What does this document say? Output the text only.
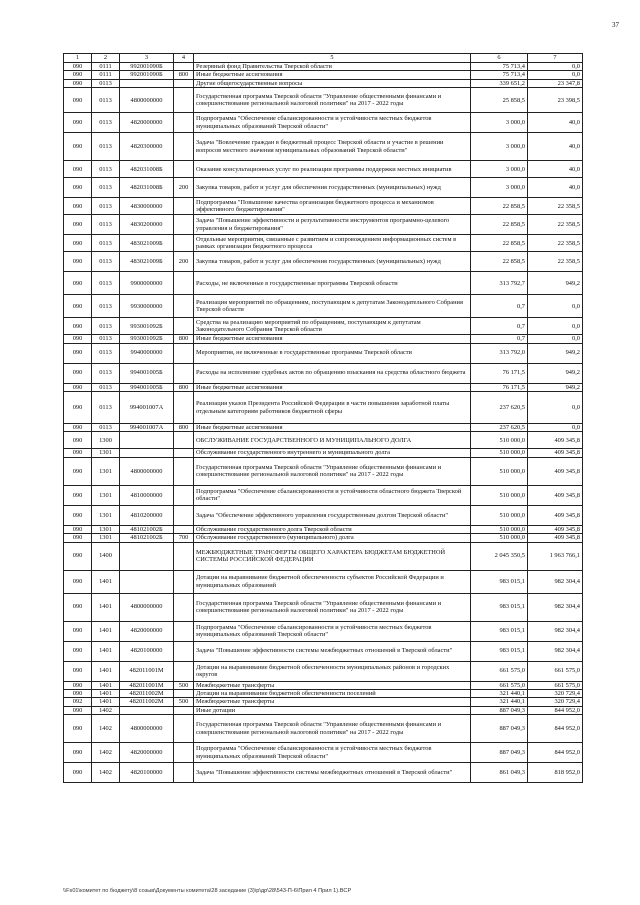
37
1	2	3	4	5	6	7
090	0111	992001090Б		Резервный фонд Правительства Тверской области	75 713,4	0,0
090	0111	992001090Б	800	Иные бюджетные ассигнования	75 713,4	0,0
090	0113			Другие общегосударственные вопросы	339 651,2	23 347,8
090	0113	4800000000		Государственная программа Тверской области "Управление общественными финансами и совершенствование региональной налоговой политики" на 2017 - 2022 годы	25 858,5	23 398,5
090	0113	4820000000		Подпрограмма "Обеспечение сбалансированности и устойчивости местных бюджетов муниципальных образований Тверской области"	3 000,0	40,0
090	0113	4820300000		Задача "Вовлечение граждан в бюджетный процесс Тверской области и участие в решении вопросов местного значения муниципальных образований Тверской области"	3 000,0	40,0
090	0113	482031008Б		Оказание консультационных услуг по реализации программы поддержки местных инициатив	3 000,0	40,0
090	0113	482031008Б	200	Закупка товаров, работ и услуг для обеспечения государственных (муниципальных) нужд	3 000,0	40,0
090	0113	4830000000		Подпрограмма "Повышение качества организации бюджетного процесса и механизмов эффективного бюджетирования"	22 858,5	22 358,5
090	0113	4830200000		Задача "Повышение эффективности и результативности инструментов программно-целевого управления и бюджетирования"	22 858,5	22 358,5
090	0113	483021009Б		Отдельные мероприятия, связанные с развитием и сопровождением информационных систем в рамках организации бюджетного процесса	22 858,5	22 358,5
090	0113	483021009Б	200	Закупка товаров, работ и услуг для обеспечения государственных (муниципальных) нужд	22 858,5	22 358,5
090	0113	9900000000		Расходы, не включенные в государственные программы Тверской области	313 792,7	949,2
090	0113	9930000000		Реализация мероприятий по обращениям, поступающим к депутатам Законодательного Собрания Тверской области	0,7	0,0
090	0113	993001092Б		Средства на реализацию мероприятий по обращениям, поступающим к депутатам Законодательного Собрания Тверской области	0,7	0,0
090	0113	993001092Б	800	Иные бюджетные ассигнования	0,7	0,0
090	0113	9940000000		Мероприятия, не включенные в государственные программы Тверской области	313 792,0	949,2
090	0113	994001005Б		Расходы на исполнение судебных актов по обращению взыскания на средства областного бюджета	76 171,5	949,2
090	0113	994001005Б	800	Иные бюджетные ассигнования	76 171,5	949,2
090	0113	994001007А		Реализация указов Президента Российской Федерации в части повышения заработной платы отдельным категориям работников бюджетной сферы	237 620,5	0,0
090	0113	994001007А	800	Иные бюджетные ассигнования	237 620,5	0,0
090	1300			ОБСЛУЖИВАНИЕ ГОСУДАРСТВЕННОГО И МУНИЦИПАЛЬНОГО ДОЛГА	510 000,0	409 345,8
090	1301			Обслуживание государственного внутреннего и муниципального долга	510 000,0	409 345,8
090	1301	4800000000		Государственная программа Тверской области "Управление общественными финансами и совершенствование региональной налоговой политики" на 2017 - 2022 годы	510 000,0	409 345,8
090	1301	4810000000		Подпрограмма "Обеспечение сбалансированности и устойчивости областного бюджета Тверской области"	510 000,0	409 345,8
090	1301	4810200000		Задача "Обеспечение эффективного управления государственным долгом Тверской области"	510 000,0	409 345,8
090	1301	481021002Б		Обслуживание государственного долга Тверской области	510 000,0	409 345,8
090	1301	481021002Б	700	Обслуживание государственного (муниципального) долга	510 000,0	409 345,8
090	1400			МЕЖБЮДЖЕТНЫЕ ТРАНСФЕРТЫ ОБЩЕГО ХАРАКТЕРА БЮДЖЕТАМ БЮДЖЕТНОЙ СИСТЕМЫ РОССИЙСКОЙ ФЕДЕРАЦИИ	2 045 350,5	1 963 766,1
090	1401			Дотации на выравнивание бюджетной обеспеченности субъектов Российской Федерации и муниципальных образований	983 015,1	982 304,4
090	1401	4800000000		Государственная программа Тверской области "Управление общественными финансами и совершенствование региональной налоговой политики" на 2017 - 2022 годы	983 015,1	982 304,4
090	1401	4820000000		Подпрограмма "Обеспечение сбалансированности и устойчивости местных бюджетов муниципальных образований Тверской области"	983 015,1	982 304,4
090	1401	4820100000		Задача "Повышение эффективности системы межбюджетных отношений в Тверской области"	983 015,1	982 304,4
090	1401	482011001М		Дотации на выравнивание бюджетной обеспеченности муниципальных районов и городских округов	661 575,0	661 575,0
090	1401	482011001М	500	Межбюджетные трансферты	661 575,0	661 575,0
090	1401	482011002М		Дотации на выравнивание бюджетной обеспеченности поселений	321 440,1	320 729,4
092	1401	482011002М	500	Межбюджетные трансферты	321 440,1	320 729,4
090	1402			Иные дотации	887 049,3	844 952,0
090	1402	4800000000		Государственная программа Тверской области "Управление общественными финансами и совершенствование региональной налоговой политики" на 2017 - 2022 годы	887 049,3	844 952,0
090	1402	4820000000		Подпрограмма "Обеспечение сбалансированности и устойчивости местных бюджетов муниципальных образований Тверской области"	887 049,3	844 952,0
090	1402	4820100000		Задача "Повышение эффективности системы межбюджетных отношений в Тверской области"	861 049,3	818 952,0
\\Fs01\комитет по бюджету\8 созыв\Документы комитета\28 заседание (3)\р\др\28\543-П-6\Прил 4 Прил 1).BCP
